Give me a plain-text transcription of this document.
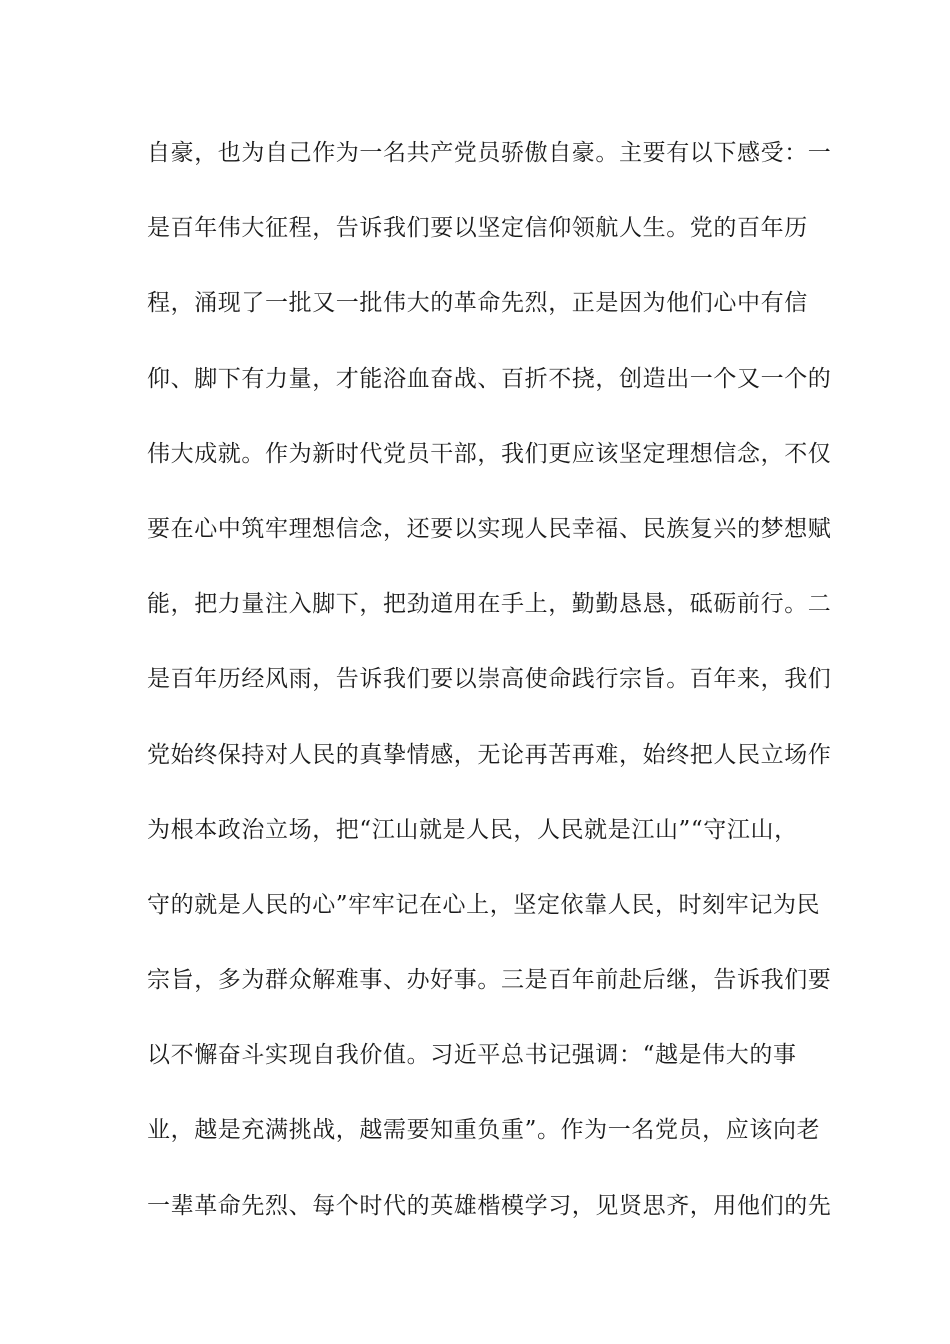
自豪，也为自己作为一名共产党员骄傲自豪。主要有以下感受：一
是百年伟大征程，告诉我们要以坚定信仰领航人生。党的百年历
程，涌现了一批又一批伟大的革命先烈，正是因为他们心中有信
仰、脚下有力量，才能浴血奋战、百折不挠，创造出一个又一个的
伟大成就。作为新时代党员干部，我们更应该坚定理想信念，不仅
要在心中筑牢理想信念，还要以实现人民幸福、民族复兴的梦想赋
能，把力量注入脚下，把劲道用在手上，勤勤恳恳，砥砺前行。二
是百年历经风雨，告诉我们要以崇高使命践行宗旨。百年来，我们
党始终保持对人民的真挚情感，无论再苦再难，始终把人民立场作
为根本政治立场，把“江山就是人民，人民就是江山”“守江山，
守的就是人民的心”牢牢记在心上，坚定依靠人民，时刻牢记为民
宗旨，多为群众解难事、办好事。三是百年前赴后继，告诉我们要
以不懈奋斗实现自我价值。习近平总书记强调：“越是伟大的事
业，越是充满挑战，越需要知重负重”。作为一名党员，应该向老
一辈革命先烈、每个时代的英雄楷模学习，见贤思齐，用他们的先
